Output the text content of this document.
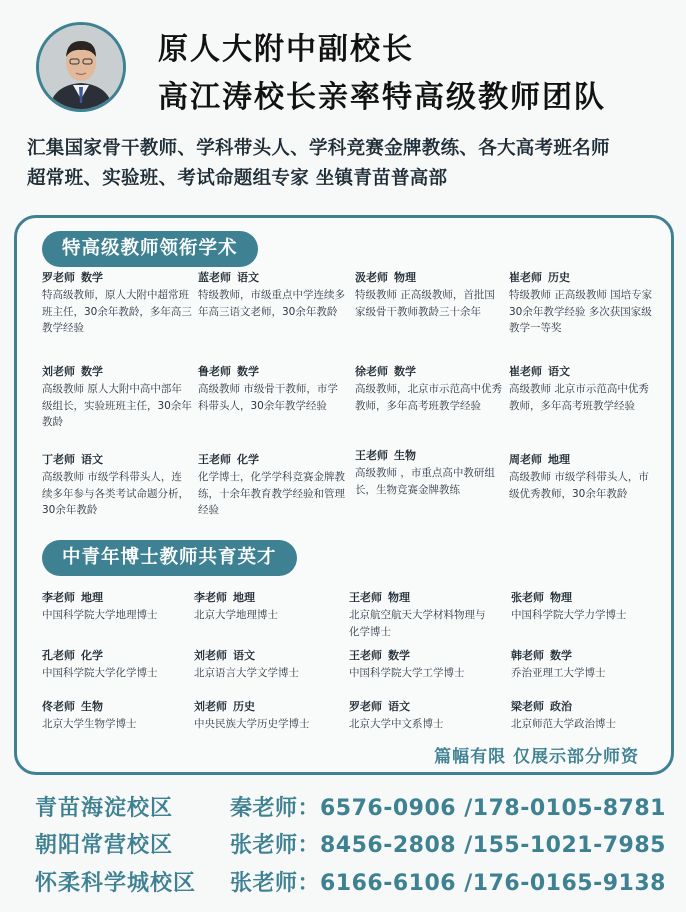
原人大附中副校长
高江涛校长亲率特高级教师团队
汇集国家骨干教师、学科带头人、学科竞赛金牌教练、各大高考班名师
超常班、实验班、考试命题组专家 坐镇青苗普高部
特高级教师领衔学术
罗老师 数学
特高级教师，原人大附中超常班班主任，30余年教龄，多年高三教学经验
蓝老师 语文
特级教师，市级重点中学连续多年高三语文老师，30余年教龄
汲老师 物理
特级教师 正高级教师，首批国家级骨干教师教龄三十余年
崔老师 历史
特级教师 正高级教师 国培专家 30余年教学经验 多次获国家级教学一等奖
刘老师 数学
高级教师 原人大附中高中部年级组长，实验班班主任，30余年教龄
鲁老师 数学
高级教师 市级骨干教师，市学科带头人，30余年教学经验
徐老师 数学
高级教师，北京市示范高中优秀教师，多年高考班教学经验
崔老师 语文
高级教师 北京市示范高中优秀教师，多年高考班教学经验
丁老师 语文
高级教师 市级学科带头人，连续多年参与各类考试命题分析，30余年教龄
王老师 化学
化学博士，化学学科竞赛金牌教练，十余年教育教学经验和管理经验
王老师 生物
高级教师 ，市重点高中教研组长，生物竞赛金牌教练
周老师 地理
高级教师 市级学科带头人，市级优秀教师，30余年教龄
中青年博士教师共育英才
李老师 地理
中国科学院大学地理博士
李老师 地理
北京大学地理博士
王老师 物理
北京航空航天大学材料物理与化学博士
张老师 物理
中国科学院大学力学博士
孔老师 化学
中国科学院大学化学博士
刘老师 语文
北京语言大学文学博士
王老师 数学
中国科学院大学工学博士
韩老师 数学
乔治亚理工大学博士
佟老师 生物
北京大学生物学博士
刘老师 历史
中央民族大学历史学博士
罗老师 语文
北京大学中文系博士
梁老师 政治
北京师范大学政治博士
篇幅有限 仅展示部分师资
青苗海淀校区	秦老师：6576-0906 /178-0105-8781
朝阳常营校区	张老师：8456-2808 /155-1021-7985
怀柔科学城校区 张老师：6166-6106 /176-0165-9138
